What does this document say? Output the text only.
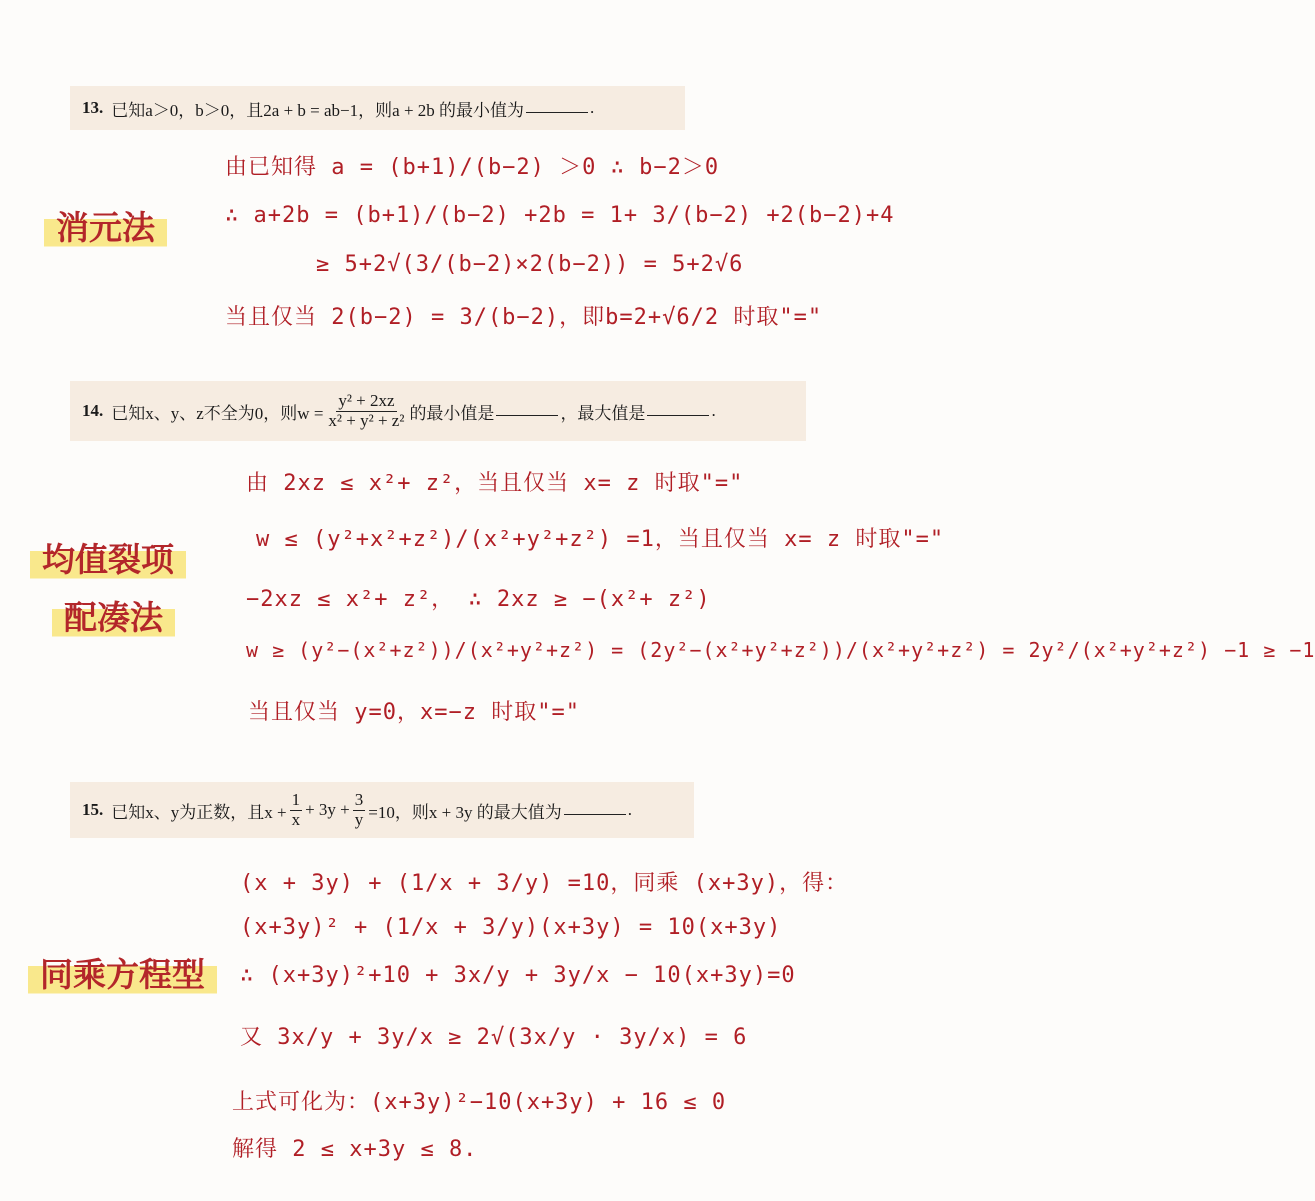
13. 已知a＞0，b＞0，且2a + b = ab−1，则a + 2b 的最小值为	.
消元法
由已知得 a = (b+1)/(b−2) ＞0 ∴ b−2＞0
∴ a+2b = (b+1)/(b−2) +2b = 1+ 3/(b−2) +2(b−2)+4
≥ 5+2√(3/(b−2)×2(b−2)) = 5+2√6
当且仅当 2(b−2) = 3/(b−2)，即b=2+√6/2 时取"="
14. 已知x、y、z不全为0，则$w = \frac{\text{y² + 2xz}}{\text{x² + y² + z²}}$ 的最小值是	，最大值是	.
均值裂项
配凑法
由 2xz ≤ x²+ z²，当且仅当 x= z 时取"="
w ≤ (y²+x²+z²)/(x²+y²+z²) =1，当且仅当 x= z 时取"="
−2xz ≤ x²+ z²， ∴ 2xz ≥ −(x²+ z²)
w ≥ (y²−(x²+z²))/(x²+y²+z²) = (2y²−(x²+y²+z²))/(x²+y²+z²) = 2y²/(x²+y²+z²) −1 ≥ −1
当且仅当 y=0，x=−z 时取"="
15. 已知x、y为正数，且$x + \frac{1}{x} + 3y + \frac{3}{y} =10$，则x + 3y 的最大值为	.
同乘方程型
(x + 3y) + (1/x + 3/y) =10，同乘 (x+3y)，得：
(x+3y)² + (1/x + 3/y)(x+3y) = 10(x+3y)
∴ (x+3y)²+10 + 3x/y + 3y/x − 10(x+3y)=0
又 3x/y + 3y/x ≥ 2√(3x/y · 3y/x) = 6
上式可化为：(x+3y)²−10(x+3y) + 16 ≤ 0
解得 2 ≤ x+3y ≤ 8.
